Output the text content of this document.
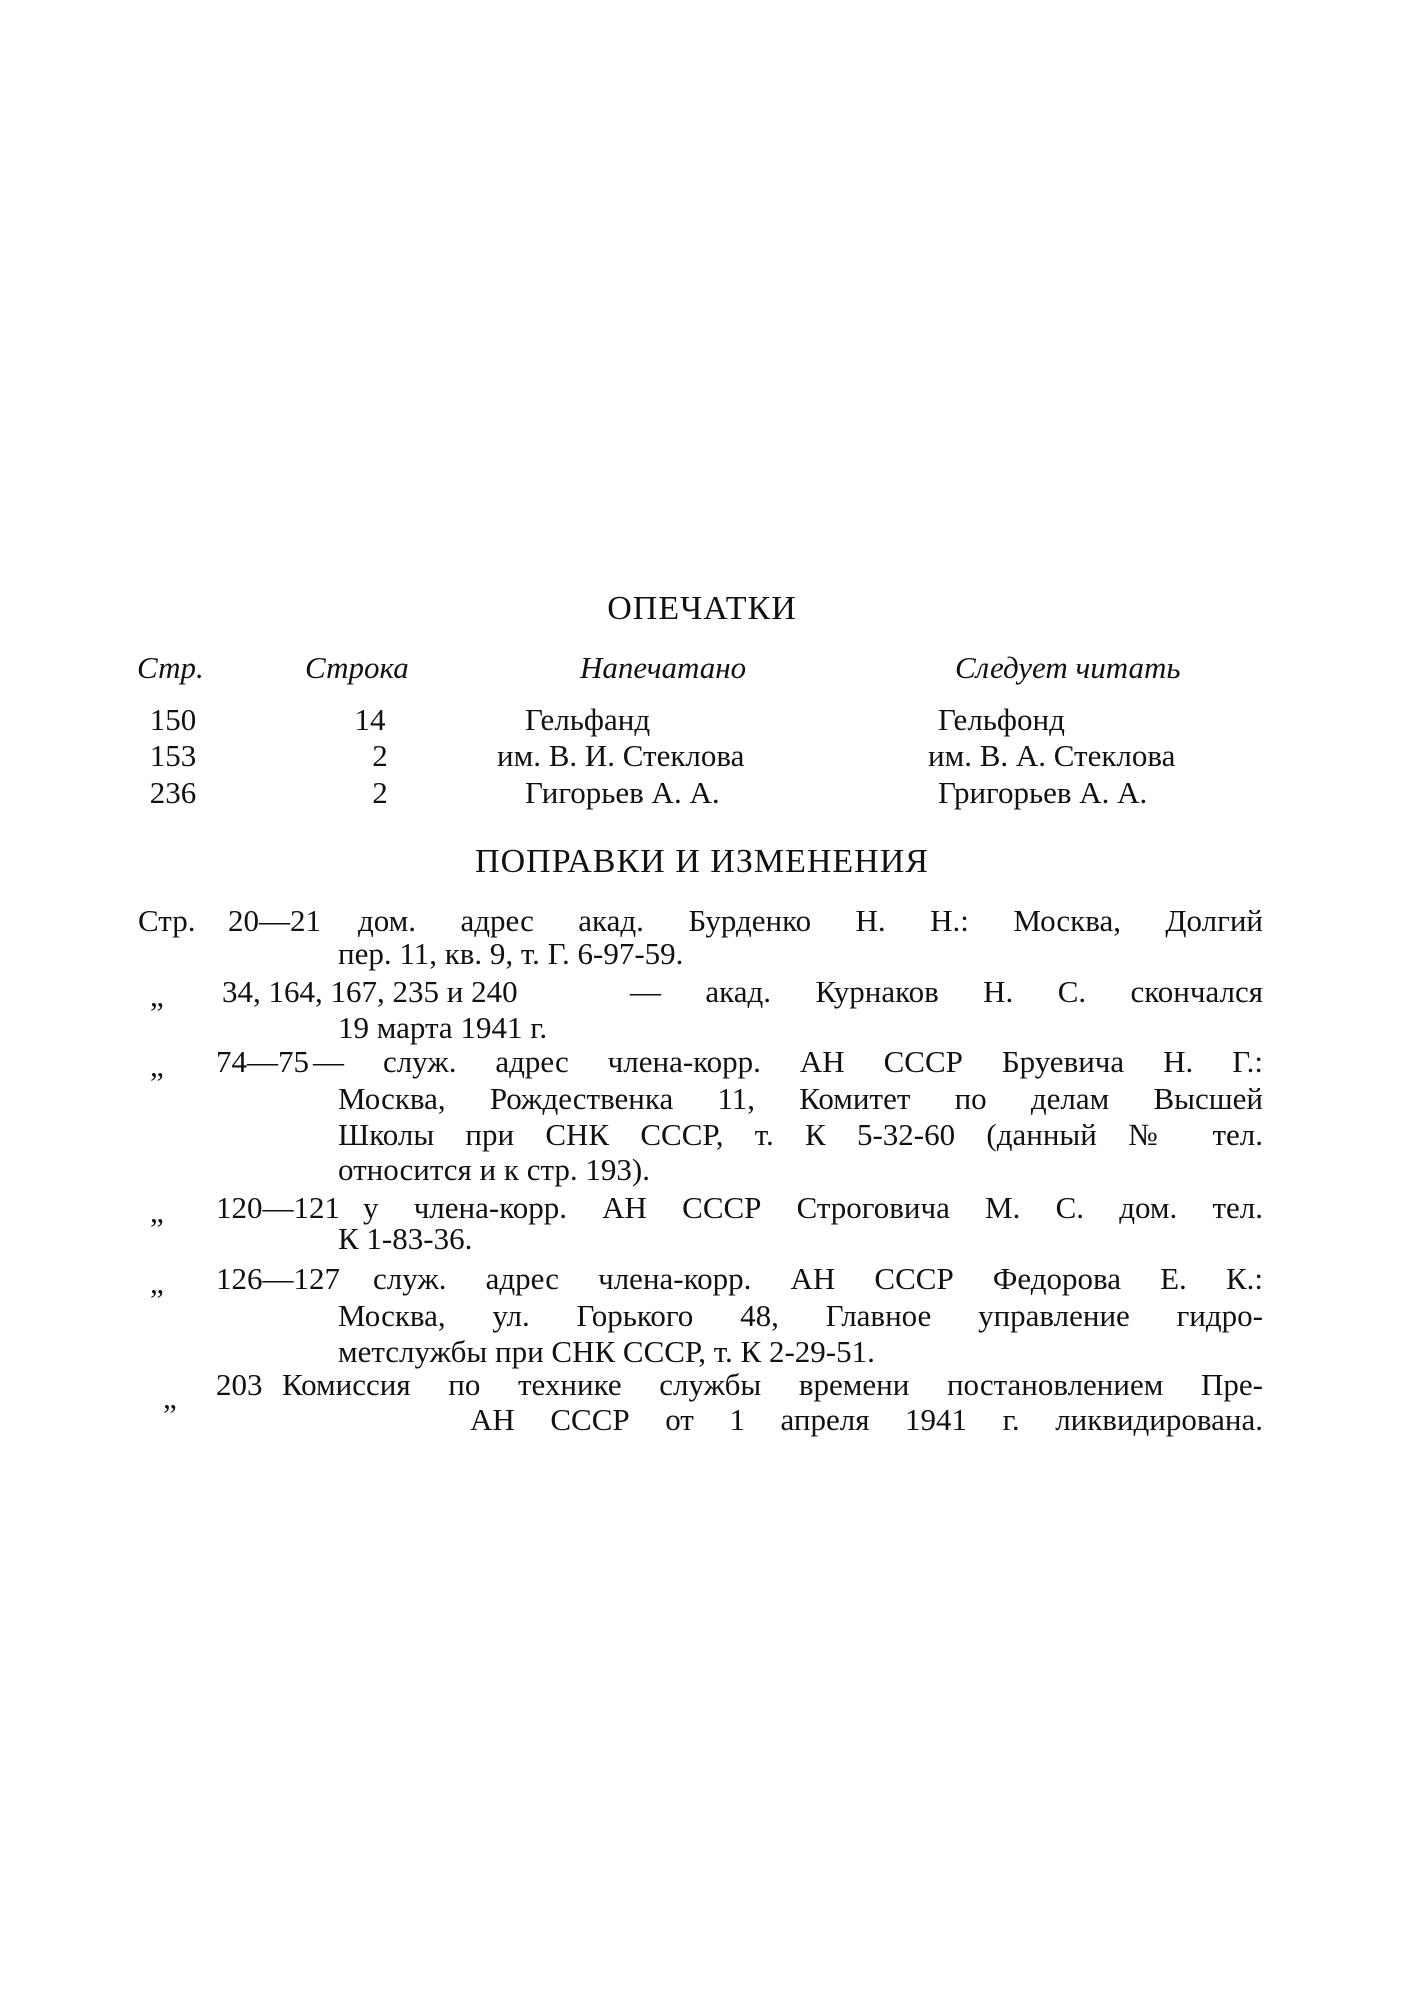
ОПЕЧАТКИ
Стр.	Строка	Напечатано	Следует читать
150	14	Гельфанд	Гельфонд
153	2	им. В. И. Стеклова	им. В. А. Стеклова
236	2	Гигорьев А. А.	Григорьев А. А.
ПОПРАВКИ И ИЗМЕНЕНИЯ
Стр. 20—21 дом. адрес акад. Бурденко Н. Н.: Москва, Долгий
пер. 11, кв. 9, т. Г. 6-97-59.
„ 34, 164, 167, 235 и 240	— акад. Курнаков Н. С. скончался
19 марта 1941 г.
„ 74—75 — служ. адрес члена-корр. АН СССР Бруевича Н. Г.:
Москва, Рождественка 11, Комитет по делам Высшей
Школы при СНК СССР, т. К 5-32-60 (данный № тел.
относится и к стр. 193).
„ 120—121 у члена-корр. АН СССР Строговича М. С. дом. тел.
К 1-83-36.
„ 126—127 служ. адрес члена-корр. АН СССР Федорова Е. К.:
Москва, ул. Горького 48, Главное управление гидро-
метслужбы при СНК СССР, т. К 2-29-51.
„ 203 Комиссия по технике службы времени постановлением Пре-
АН СССР от 1 апреля 1941 г. ликвидирована.
